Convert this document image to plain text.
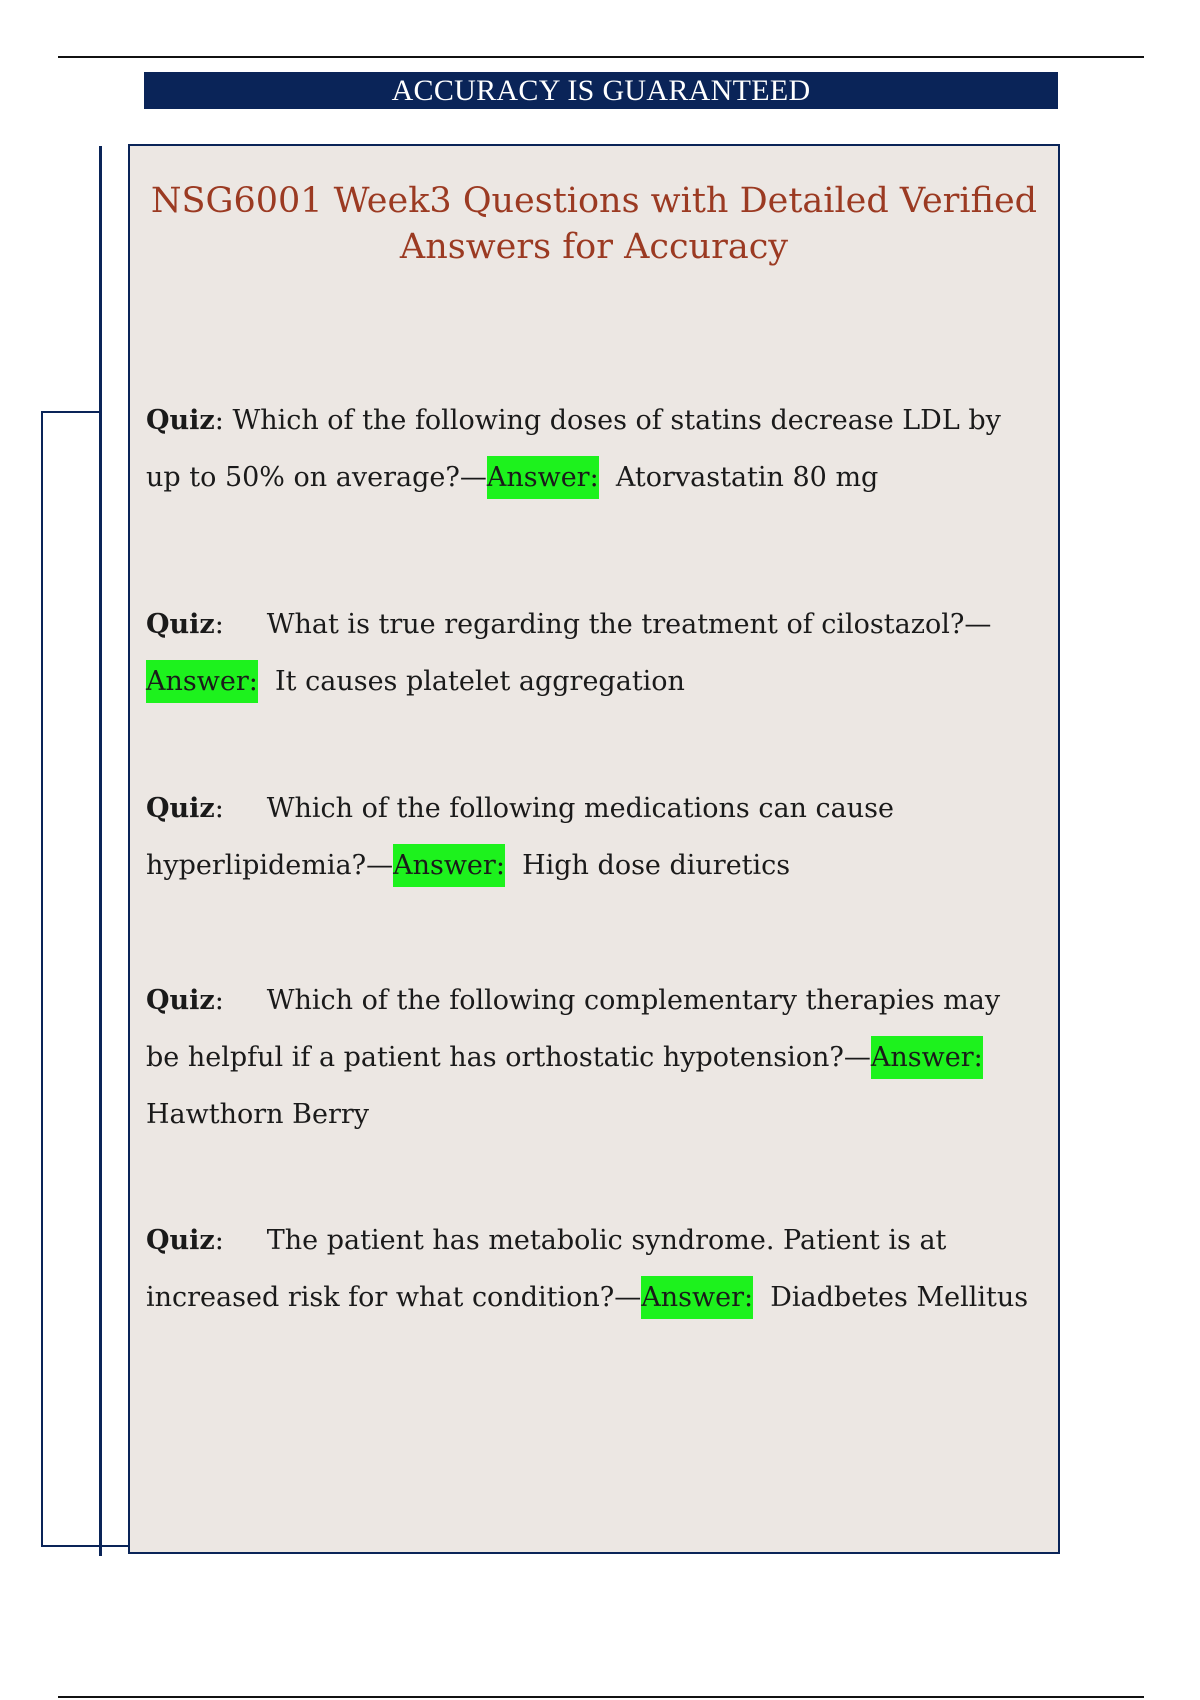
ACCURACY IS GUARANTEED
NSG6001 Week3 Questions with Detailed Verified Answers for Accuracy

Quiz: Which of the following doses of statins decrease LDL by up to 50% on average?—Answer: Atorvastatin 80 mg

Quiz:     What is true regarding the treatment of cilostazol?—Answer: It causes platelet aggregation

Quiz:     Which of the following medications can cause hyperlipidemia?—Answer: High dose diuretics

Quiz:     Which of the following complementary therapies may be helpful if a patient has orthostatic hypotension?—Answer:  Hawthorn Berry

Quiz:     The patient has metabolic syndrome. Patient is at increased risk for what condition?—Answer: Diadbetes Mellitus
